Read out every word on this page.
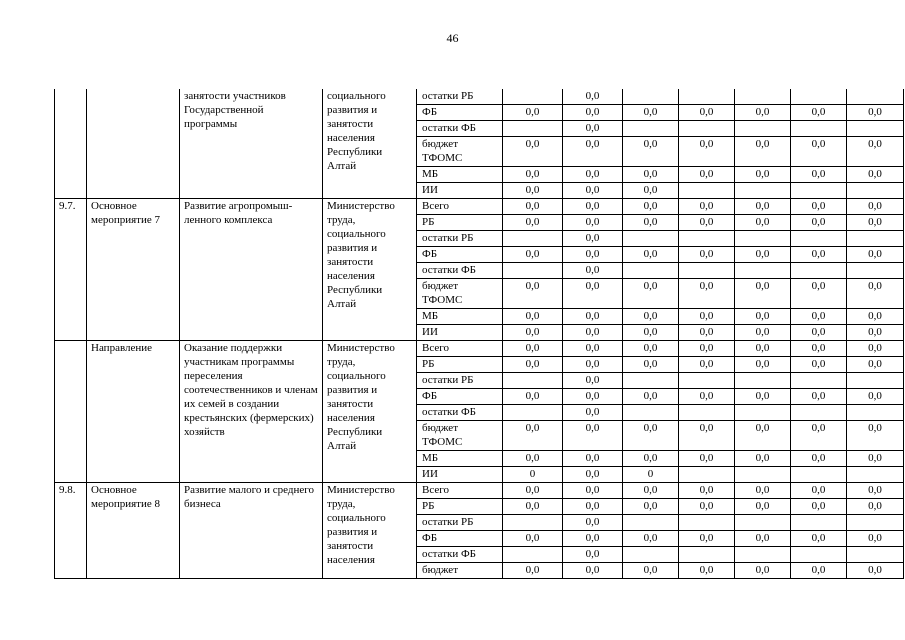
46
		занятости участников Государственной программы	социального развития и занятости населения Республики Алтай	остатки РБ		0,0					
				ФБ	0,0	0,0	0,0	0,0	0,0	0,0	0,0
				остатки ФБ		0,0					
				бюджет ТФОМС	0,0	0,0	0,0	0,0	0,0	0,0	0,0
				МБ	0,0	0,0	0,0	0,0	0,0	0,0	0,0
				ИИ	0,0	0,0	0,0				
9.7.	Основное мероприятие 7	Развитие агропромыш-ленного комплекса	Министерство труда, социального развития и занятости населения Республики Алтай	Всего	0,0	0,0	0,0	0,0	0,0	0,0	0,0
				РБ	0,0	0,0	0,0	0,0	0,0	0,0	0,0
				остатки РБ		0,0					
				ФБ	0,0	0,0	0,0	0,0	0,0	0,0	0,0
				остатки ФБ		0,0					
				бюджет ТФОМС	0,0	0,0	0,0	0,0	0,0	0,0	0,0
				МБ	0,0	0,0	0,0	0,0	0,0	0,0	0,0
				ИИ	0,0	0,0	0,0	0,0	0,0	0,0	0,0
	Направление	Оказание поддержки участникам программы переселения соотечественников и членам их семей в создании крестьянских (фермерских) хозяйств	Министерство труда, социального развития и занятости населения Республики Алтай	Всего	0,0	0,0	0,0	0,0	0,0	0,0	0,0
				РБ	0,0	0,0	0,0	0,0	0,0	0,0	0,0
				остатки РБ		0,0					
				ФБ	0,0	0,0	0,0	0,0	0,0	0,0	0,0
				остатки ФБ		0,0					
				бюджет ТФОМС	0,0	0,0	0,0	0,0	0,0	0,0	0,0
				МБ	0,0	0,0	0,0	0,0	0,0	0,0	0,0
				ИИ	0	0,0	0				
9.8.	Основное мероприятие 8	Развитие малого и среднего бизнеса	Министерство труда, социального развития и занятости населения	Всего	0,0	0,0	0,0	0,0	0,0	0,0	0,0
				РБ	0,0	0,0	0,0	0,0	0,0	0,0	0,0
				остатки РБ		0,0					
				ФБ	0,0	0,0	0,0	0,0	0,0	0,0	0,0
				остатки ФБ		0,0					
				бюджет	0,0	0,0	0,0	0,0	0,0	0,0	0,0
